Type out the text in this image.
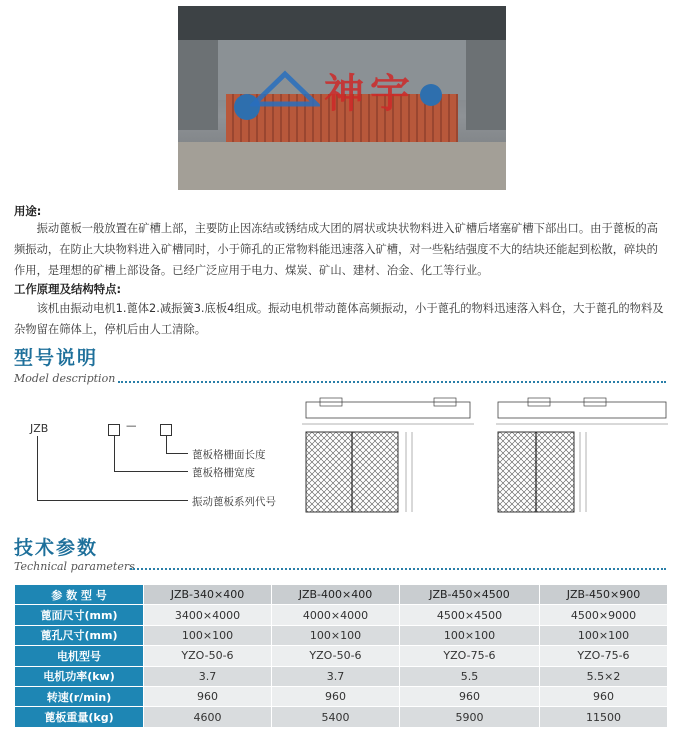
神宇
用途:
振动蓖板一般放置在矿槽上部，主要防止因冻结或锈结成大团的屑状或块状物料进入矿槽后堵塞矿槽下部出口。由于蓖板的高频振动，在防止大块物料进入矿槽同时，小于筛孔的正常物料能迅速落入矿槽，对一些粘结强度不大的结块还能起到松散，碎块的作用，是理想的矿槽上部设备。已经广泛应用于电力、煤炭、矿山、建材、冶金、化工等行业。
工作原理及结构特点:
该机由振动电机1.蓖体2.减振簧3.底板4组成。振动电机带动蓖体高频振动，小于蓖孔的物料迅速落入料仓，大于蓖孔的物料及杂物留在筛体上，停机后由人工清除。
型号说明
Model description
JZB	—
蓖板格栅面长度
蓖板格栅宽度
振动蓖板系列代号
技术参数
Technical parameters
参 数 型 号	JZB-340×400	JZB-400×400	JZB-450×4500	JZB-450×900
蓖面尺寸(mm)	3400×4000	4000×4000	4500×4500	4500×9000
蓖孔尺寸(mm)	100×100	100×100	100×100	100×100
电机型号	YZO-50-6	YZO-50-6	YZO-75-6	YZO-75-6
电机功率(kw)	3.7	3.7	5.5	5.5×2
转速(r/min)	960	960	960	960
蓖板重量(kg)	4600	5400	5900	11500
